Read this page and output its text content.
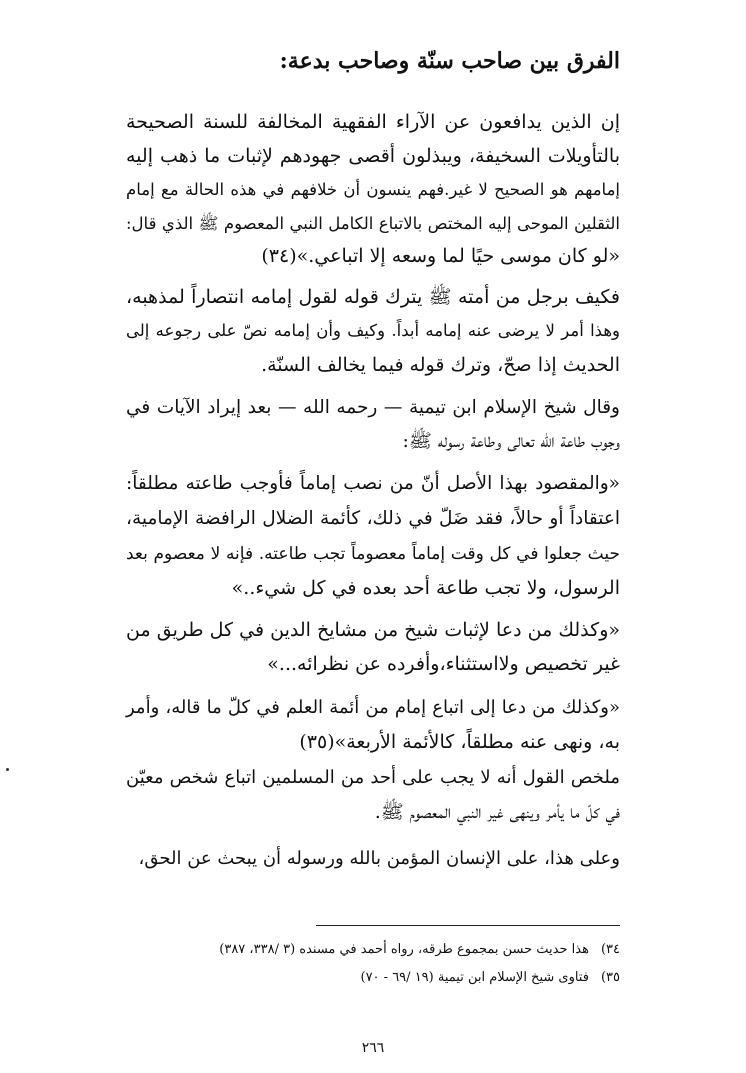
الفرق بين صاحب سنّة وصاحب بدعة:
إن الذين يدافعون عن الآراء الفقهية المخالفة للسنة الصحيحة
بالتأويلات السخيفة، ويبذلون أقصى جهودهم لإثبات ما ذهب إليه
إمامهم هو الصحيح لا غير.فهم ينسون أن خلافهم في هذه الحالة مع إمام
الثقلين الموحى إليه المختص بالاتباع الكامل النبي المعصوم ﷺ الذي قال:
«لو كان موسى حيًا لما وسعه إلا اتباعي.»(٣٤)
فكيف برجل من أمته ﷺ يترك قوله لقول إمامه انتصاراً لمذهبه،
وهذا أمر لا يرضى عنه إمامه أبداً. وكيف وأن إمامه نصّ على رجوعه إلى
الحديث إذا صحّ، وترك قوله فيما يخالف السنّة.
وقال شيخ الإسلام ابن تيمية — رحمه الله — بعد إيراد الآيات في
وجوب طاعة الله تعالى وطاعة رسوله ﷺ:
«والمقصود بهذا الأصل أنّ من نصب إماماً فأوجب طاعته مطلقاً:
اعتقاداً أو حالاً، فقد ضَلّ في ذلك، كأئمة الضلال الرافضة الإمامية،
حيث جعلوا في كل وقت إماماً معصوماً تجب طاعته. فإنه لا معصوم بعد
الرسول، ولا تجب طاعة أحد بعده في كل شيء..»
«وكذلك من دعا لإثبات شيخ من مشايخ الدين في كل طريق من
غير تخصيص ولااستثناء،وأفرده عن نظرائه...»
«وكذلك من دعا إلى اتباع إمام من أئمة العلم في كلّ ما قاله، وأمر
به، ونهى عنه مطلقاً، كالأئمة الأربعة»(٣٥)
ملخص القول أنه لا يجب على أحد من المسلمين اتباع شخص معيّن
في كلّ ما يأمر وينهى غير النبي المعصوم ﷺ.
وعلى هذا، على الإنسان المؤمن بالله ورسوله أن يبحث عن الحق،
٣٤)هذا حديث حسن بمجموع طرقه، رواه أحمد في مسنده (٣ /٣٣٨، ٣٨٧)
٣٥)فتاوى شيخ الإسلام ابن تيمية (١٩ /٦٩ - ٧٠)
٢٦٦
